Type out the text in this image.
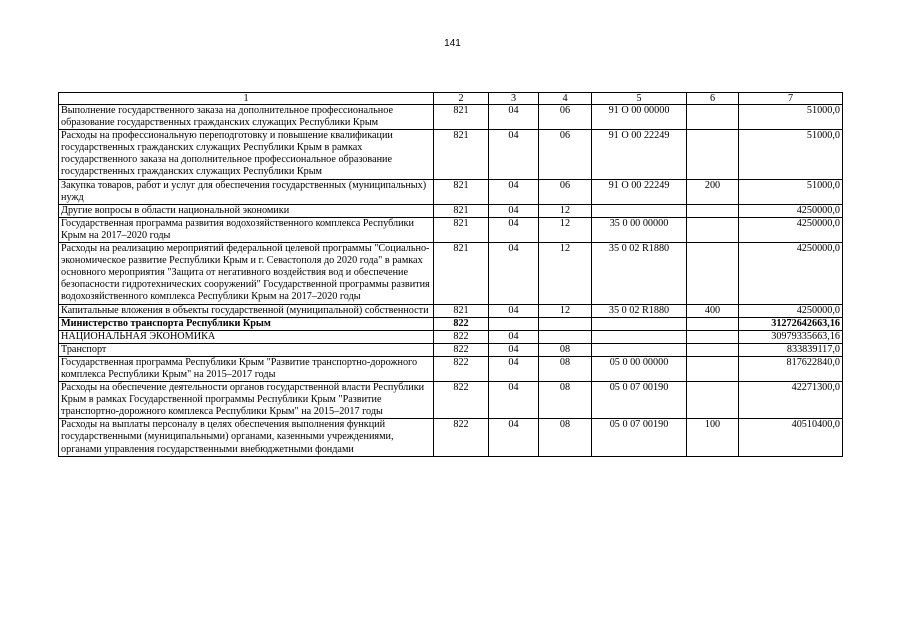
141
1	2	3	4	5	6	7
Выполнение государственного заказа на дополнительное профессиональное образование государственных гражданских служащих Республики Крым	821	04	06	91 О 00 00000		51000,0
Расходы на профессиональную переподготовку и повышение квалификации государственных гражданских служащих Республики Крым в рамках государственного заказа на дополнительное профессиональное образование государственных гражданских служащих Республики Крым	821	04	06	91 О 00 22249		51000,0
Закупка товаров, работ и услуг для обеспечения государственных (муниципальных) нужд	821	04	06	91 О 00 22249	200	51000,0
Другие вопросы в области национальной экономики	821	04	12			4250000,0
Государственная программа развития водохозяйственного комплекса Республики Крым на 2017–2020 годы	821	04	12	35 0 00 00000		4250000,0
Расходы на реализацию мероприятий федеральной целевой программы "Социально-экономическое развитие Республики Крым и г. Севастополя до 2020 года" в рамках основного мероприятия "Защита от негативного воздействия вод и обеспечение безопасности гидротехнических сооружений" Государственной программы развития водохозяйственного комплекса Республики Крым на 2017–2020 годы	821	04	12	35 0 02 R1880		4250000,0
Капитальные вложения в объекты государственной (муниципальной) собственности	821	04	12	35 0 02 R1880	400	4250000,0
Министерство транспорта Республики Крым	822					31272642663,16
НАЦИОНАЛЬНАЯ ЭКОНОМИКА	822	04				30979335663,16
Транспорт	822	04	08			833839117,0
Государственная программа Республики Крым "Развитие транспортно-дорожного комплекса Республики Крым" на 2015–2017 годы	822	04	08	05 0 00 00000		817622840,0
Расходы на обеспечение деятельности органов государственной власти Республики Крым в рамках Государственной программы Республики Крым "Развитие транспортно-дорожного комплекса Республики Крым" на 2015–2017 годы	822	04	08	05 0 07 00190		42271300,0
Расходы на выплаты персоналу в целях обеспечения выполнения функций государственными (муниципальными) органами, казенными учреждениями, органами управления государственными внебюджетными фондами	822	04	08	05 0 07 00190	100	40510400,0
